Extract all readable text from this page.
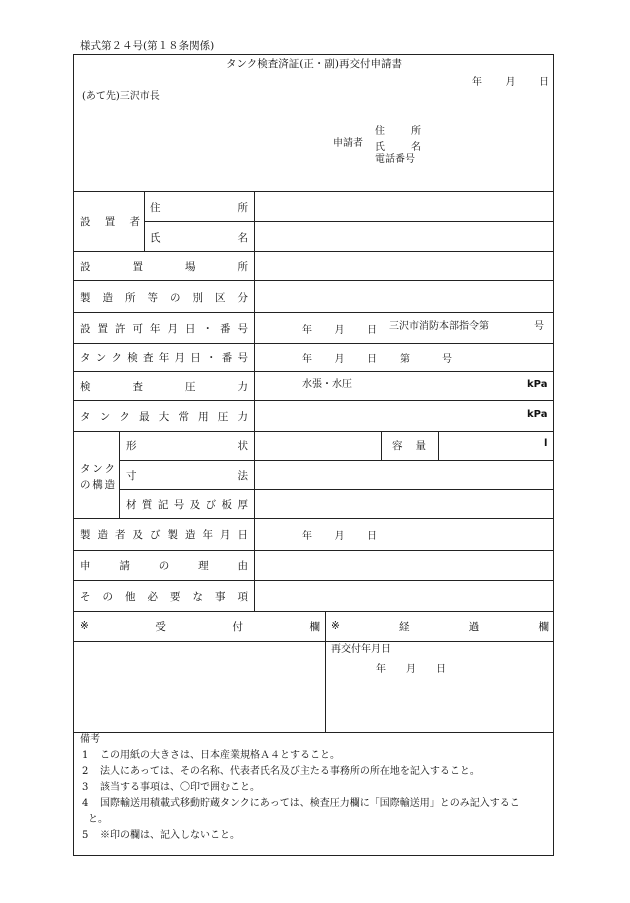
様式第２４号(第１８条関係)
タンク検査済証(正・副)再交付申請書
年 月 日
(あて先)三沢市長
住	所
申請者 氏	名
電話番号
設 置 者
住	所
氏	名
設	置	場	所
製 造 所 等 の 別 区 分
設 置 許 可 年 月 日 ・ 番 号	年 月 日 三沢市消防本部指令第	号
タ ン ク 検 査 年 月 日 ・ 番 号	年 月 日 第	号
検	査	圧	力	水張・水圧	kPa
タ ン ク 最 大 常 用 圧 力	kPa
タ ン ク
の 構 造
形	状	容 量	l
寸	法
材 質 記 号 及 び 板 厚
製 造 者 及 び 製 造 年 月 日	年 月 日
申	請	の	理	由
そ の 他 必 要 な 事 項
※	受	付	欄 ※	経	過	欄
再交付年月日
年 月 日
備考
1 この用紙の大きさは、日本産業規格Ａ４とすること。
2 法人にあっては、その名称、代表者氏名及び主たる事務所の所在地を記入すること。
3 該当する事項は、〇印で囲むこと。
4 国際輸送用積載式移動貯蔵タンクにあっては、検査圧力欄に「国際輸送用」とのみ記入するこ
と。
5 ※印の欄は、記入しないこと。
